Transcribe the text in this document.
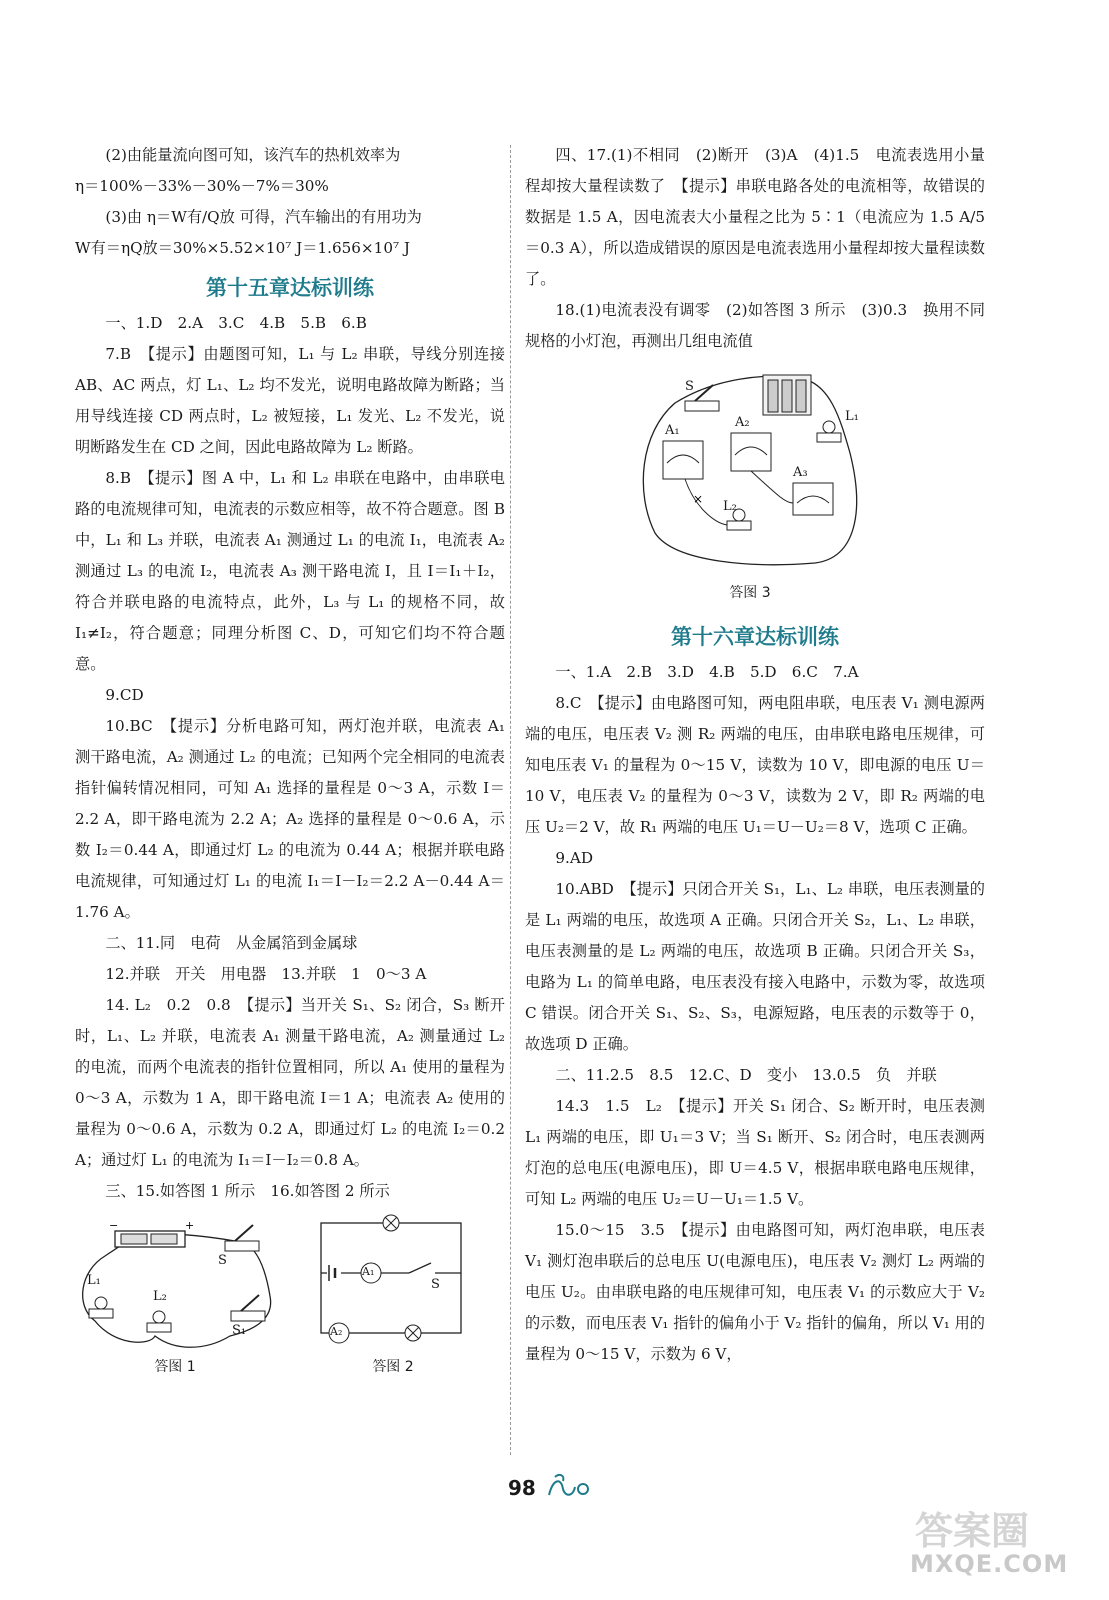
(2)由能量流向图可知，该汽车的热机效率为

η＝100%－33%－30%－7%＝30%

(3)由 η＝W有/Q放 可得，汽车输出的有用功为

W有＝ηQ放＝30%×5.52×10⁷ J＝1.656×10⁷ J

第十五章达标训练

一、1.D　2.A　3.C　4.B　5.B　6.B

7.B　【提示】由题图可知，L₁ 与 L₂ 串联，导线分别连接 AB、AC 两点，灯 L₁、L₂ 均不发光，说明电路故障为断路；当用导线连接 CD 两点时，L₂ 被短接，L₁ 发光、L₂ 不发光，说明断路发生在 CD 之间，因此电路故障为 L₂ 断路。

8.B　【提示】图 A 中，L₁ 和 L₂ 串联在电路中，由串联电路的电流规律可知，电流表的示数应相等，故不符合题意。图 B 中，L₁ 和 L₃ 并联，电流表 A₁ 测通过 L₁ 的电流 I₁，电流表 A₂ 测通过 L₃ 的电流 I₂，电流表 A₃ 测干路电流 I，且 I＝I₁＋I₂，符合并联电路的电流特点，此外，L₃ 与 L₁ 的规格不同，故 I₁≠I₂，符合题意；同理分析图 C、D，可知它们均不符合题意。

9.CD

10.BC　【提示】分析电路可知，两灯泡并联，电流表 A₁ 测干路电流，A₂ 测通过 L₂ 的电流；已知两个完全相同的电流表指针偏转情况相同，可知 A₁ 选择的量程是 0～3 A，示数 I＝2.2 A，即干路电流为 2.2 A；A₂ 选择的量程是 0～0.6 A，示数 I₂＝0.44 A，即通过灯 L₂ 的电流为 0.44 A；根据并联电路电流规律，可知通过灯 L₁ 的电流 I₁＝I－I₂＝2.2 A－0.44 A＝1.76 A。

二、11.同　电荷　从金属箔到金属球

12.并联　开关　用电器　13.并联　1　0～3 A

14. L₂　0.2　0.8　【提示】当开关 S₁、S₂ 闭合，S₃ 断开时，L₁、L₂ 并联，电流表 A₁ 测量干路电流，A₂ 测量通过 L₂ 的电流，而两个电流表的指针位置相同，所以 A₁ 使用的量程为 0～3 A，示数为 1 A，即干路电流 I＝1 A；电流表 A₂ 使用的量程为 0～0.6 A，示数为 0.2 A，即通过灯 L₂ 的电流 I₂＝0.2 A；通过灯 L₁ 的电流为 I₁＝I－I₂＝0.8 A。

三、15.如答图 1 所示　16.如答图 2 所示

−	+
L₁
L₂
S
S₁
答图 1
A₁
A₂
S
答图 2

四、17.(1)不相同　(2)断开　(3)A　(4)1.5　电流表选用小量程却按大量程读数了　【提示】串联电路各处的电流相等，故错误的数据是 1.5 A，因电流表大小量程之比为 5∶1（电流应为 1.5 A/5＝0.3 A），所以造成错误的原因是电流表选用小量程却按大量程读数了。

18.(1)电流表没有调零　(2)如答图 3 所示　(3)0.3　换用不同规格的小灯泡，再测出几组电流值

×
S
A₁
A₂	L₁
A₃
L₂
答图 3
第十六章达标训练

一、1.A　2.B　3.D　4.B　5.D　6.C　7.A

8.C　【提示】由电路图可知，两电阻串联，电压表 V₁ 测电源两端的电压，电压表 V₂ 测 R₂ 两端的电压，由串联电路电压规律，可知电压表 V₁ 的量程为 0～15 V，读数为 10 V，即电源的电压 U＝10 V，电压表 V₂ 的量程为 0～3 V，读数为 2 V，即 R₂ 两端的电压 U₂＝2 V，故 R₁ 两端的电压 U₁＝U－U₂＝8 V，选项 C 正确。

9.AD

10.ABD　【提示】只闭合开关 S₁，L₁、L₂ 串联，电压表测量的是 L₁ 两端的电压，故选项 A 正确。只闭合开关 S₂，L₁、L₂ 串联，电压表测量的是 L₂ 两端的电压，故选项 B 正确。只闭合开关 S₃，电路为 L₁ 的简单电路，电压表没有接入电路中，示数为零，故选项 C 错误。闭合开关 S₁、S₂、S₃，电源短路，电压表的示数等于 0，故选项 D 正确。

二、11.2.5　8.5　12.C、D　变小　13.0.5　负　并联

14.3　1.5　L₂　【提示】开关 S₁ 闭合、S₂ 断开时，电压表测 L₁ 两端的电压，即 U₁＝3 V；当 S₁ 断开、S₂ 闭合时，电压表测两灯泡的总电压(电源电压)，即 U＝4.5 V，根据串联电路电压规律，可知 L₂ 两端的电压 U₂＝U－U₁＝1.5 V。

15.0～15　3.5　【提示】由电路图可知，两灯泡串联，电压表 V₁ 测灯泡串联后的总电压 U(电源电压)，电压表 V₂ 测灯 L₂ 两端的电压 U₂。由串联电路的电压规律可知，电压表 V₁ 的示数应大于 V₂ 的示数，而电压表 V₁ 指针的偏角小于 V₂ 指针的偏角，所以 V₁ 用的量程为 0～15 V，示数为 6 V，

98
答案圈
MXQE.COM
